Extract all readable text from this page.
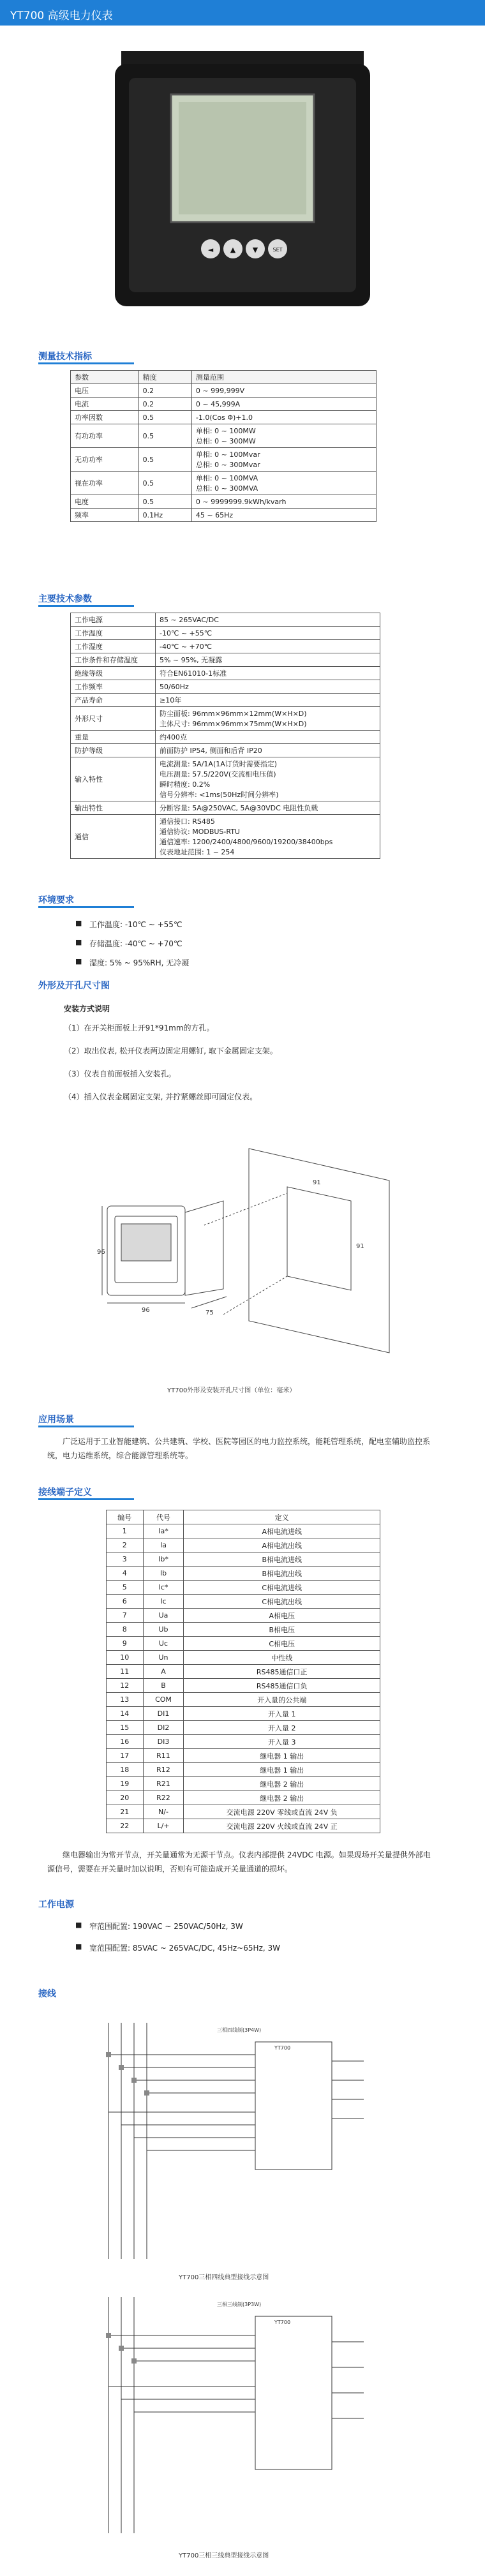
YT700 高级电力仪表
◄ ▲ ▼	SET
测量技术指标
参数	精度	测量范围
电压	0.2	0 ~ 999,999V

电流	0.2	0 ~ 45,999A

功率因数	0.5	-1.0(Cos Φ)+1.0

有功功率	0.5	单相: 0 ~ 100MW
总相: 0 ~ 300MW

无功功率	0.5	单相: 0 ~ 100Mvar
总相: 0 ~ 300Mvar

视在功率	0.5	单相: 0 ~ 100MVA
总相: 0 ~ 300MVA

电度	0.5	0 ~ 9999999.9kWh/kvarh

频率	0.1Hz	45 ~ 65Hz
主要技术参数
工作电源	85 ~ 265VAC/DC

工作温度	-10℃ ~ +55℃

工作湿度	-40℃ ~ +70℃

工作条件和存储温度	5% ~ 95%, 无凝露

绝缘等级	符合EN61010-1标准

工作频率	50/60Hz

产品寿命	≥10年

外形尺寸	防尘面板: 96mm×96mm×12mm(W×H×D)
主体尺寸: 96mm×96mm×75mm(W×H×D)

重量	约400克

防护等级	前面防护 IP54, 侧面和后背 IP20

输入特性	电流测量: 5A/1A(1A订货时需要指定)
电压测量: 57.5/220V(交流相电压值)
瞬时精度: 0.2%
信号分辨率: <1ms(50Hz时间分辨率)

输出特性	分断容量: 5A@250VAC, 5A@30VDC 电阻性负载

通信	通信接口: RS485
通信协议: MODBUS-RTU
通信速率: 1200/2400/4800/9600/19200/38400bps
仪表地址范围: 1 ~ 254
环境要求
■ 工作温度: -10℃ ~ +55℃
■ 存储温度: -40℃ ~ +70℃
■ 湿度: 5% ~ 95%RH, 无冷凝
外形及开孔尺寸图
安装方式说明
（1）在开关柜面板上开91*91mm的方孔。
（2）取出仪表, 松开仪表两边固定用螺钉, 取下金属固定支架。
（3）仪表自前面板插入安装孔。
（4）插入仪表金属固定支架, 并拧紧螺丝即可固定仪表。
96
96	75
91
91
YT700外形及安装开孔尺寸图（单位：毫米）
应用场景
广泛运用于工业智能建筑、公共建筑、学校、医院等园区的电力监控系统，能耗管理系统，配电室辅助监控系统，电力运维系统，综合能源管理系统等。
接线端子定义
编号	代号	定义
1	Ia*	A相电流进线
2	Ia	A相电流出线
3	Ib*	B相电流进线
4	Ib	B相电流出线
5	Ic*	C相电流进线
6	Ic	C相电流出线
7	Ua	A相电压
8	Ub	B相电压
9	Uc	C相电压
10	Un	中性线
11	A	RS485通信口正
12	B	RS485通信口负
13	COM	开入量的公共端
14	DI1	开入量 1
15	DI2	开入量 2
16	DI3	开入量 3
17	R11	继电器 1 输出
18	R12	继电器 1 输出
19	R21	继电器 2 输出
20	R22	继电器 2 输出
21	N/-	交流电源 220V 零线或直流 24V 负
22	L/+	交流电源 220V 火线或直流 24V 正
继电器输出为常开节点，开关量通常为无源干节点。仪表内部提供 24VDC 电源。如果现场开关量提供外部电源信号，需要在开关量时加以说明，否则有可能造成开关量通道的损坏。
工作电源
■ 窄范围配置: 190VAC ~ 250VAC/50Hz, 3W
■ 宽范围配置: 85VAC ~ 265VAC/DC, 45Hz~65Hz, 3W
接线
三相四线制(3P4W)
YT700
YT700三相四线典型接线示意图
三相三线制(3P3W)
YT700
YT700三相三线典型接线示意图
